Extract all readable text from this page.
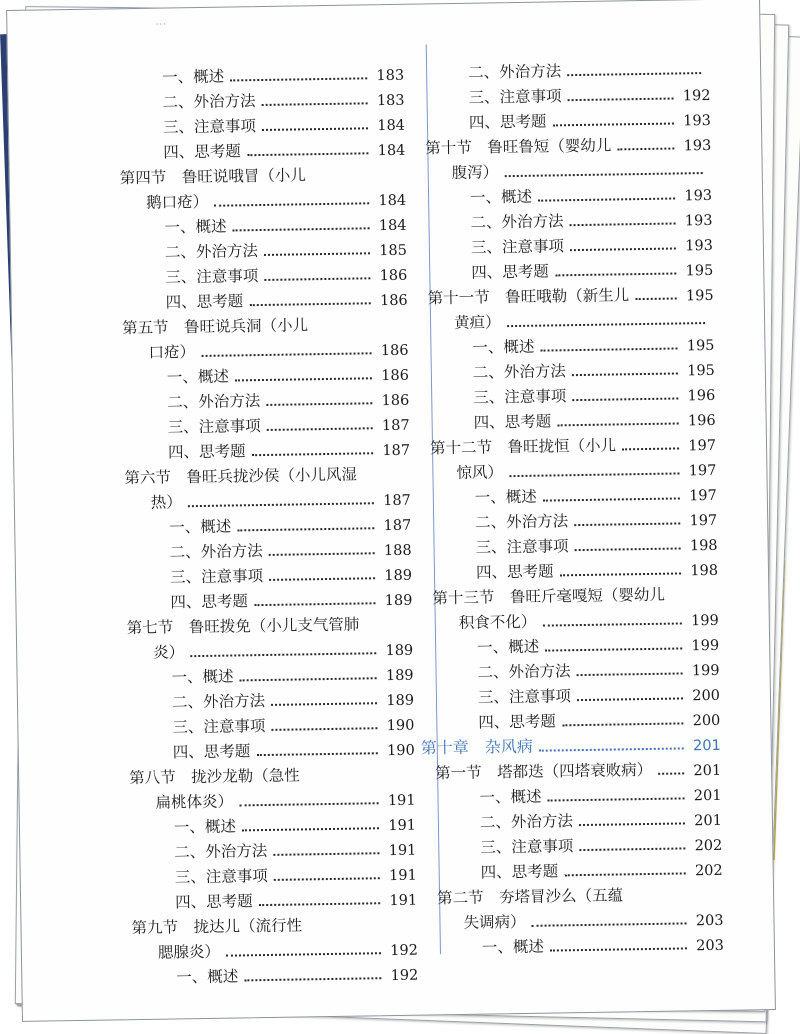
…
一、概述	183
二、外治方法	183
三、注意事项	184
四、思考题	184
第四节　鲁旺说哦冒（小儿
鹅口疮）	184
一、概述	184
二、外治方法	185
三、注意事项	186
四、思考题	186
第五节　鲁旺说兵洞（小儿
口疮）	186
一、概述	186
二、外治方法	186
三、注意事项	187
四、思考题	187
第六节　鲁旺兵拢沙侯（小儿风湿
热）	187
一、概述	187
二、外治方法	188
三、注意事项	189
四、思考题	189
第七节　鲁旺拨免（小儿支气管肺
炎）	189
一、概述	189
二、外治方法	189
三、注意事项	190
四、思考题	190
第八节　拢沙龙勒（急性
扁桃体炎）	191
一、概述	191
二、外治方法	191
三、注意事项	191
四、思考题	191
第九节　拢达儿（流行性
腮腺炎）	192
一、概述	192
二、外治方法
三、注意事项	192
四、思考题	193
第十节　鲁旺鲁短（婴幼儿	193
腹泻）
一、概述	193
二、外治方法	193
三、注意事项	193
四、思考题	195
第十一节　鲁旺哦勒（新生儿	195
黄疸）
一、概述	195
二、外治方法	195
三、注意事项	196
四、思考题	196
第十二节　鲁旺拢恒（小儿	197
惊风）	197
一、概述	197
二、外治方法	197
三、注意事项	198
四、思考题	198
第十三节　鲁旺斤毫嘎短（婴幼儿
积食不化）	199
一、概述	199
二、外治方法	199
三、注意事项	200
四、思考题	200
第十章　杂风病	201
第一节　塔都迭（四塔衰败病）	201
一、概述	201
二、外治方法	201
三、注意事项	202
四、思考题	202
第二节　夯塔冒沙么（五蕴
失调病）	203
一、概述	203
